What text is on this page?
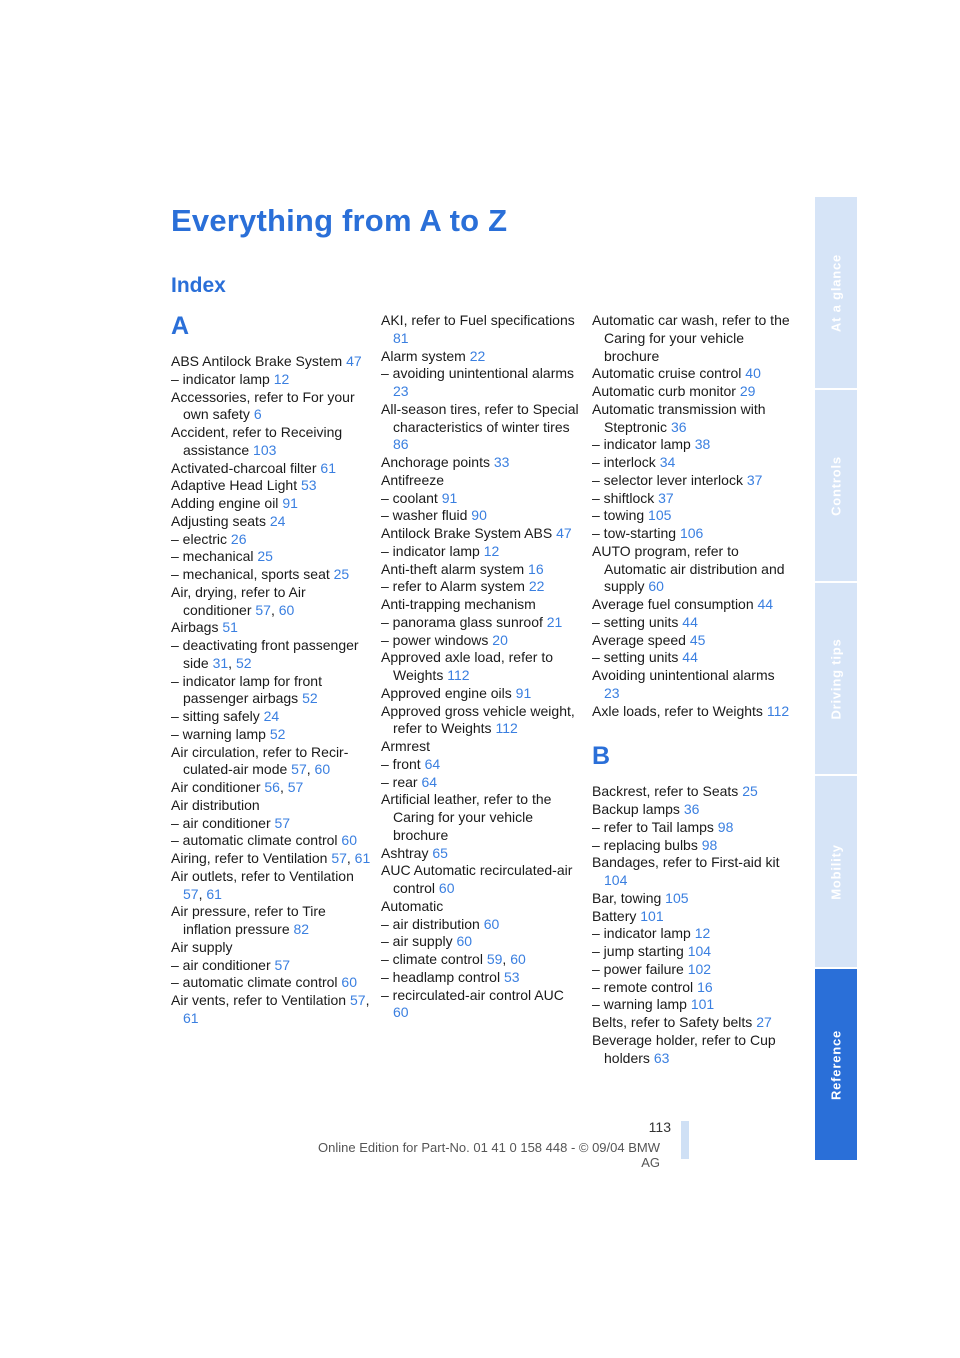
Everything from A to Z
Index
A
ABS Antilock Brake System 47
– indicator lamp 12
Accessories, refer to For your own safety 6
Accident, refer to Receiving assistance 103
Activated-charcoal filter 61
Adaptive Head Light 53
Adding engine oil 91
Adjusting seats 24
– electric 26
– mechanical 25
– mechanical, sports seat 25
Air, drying, refer to Air conditioner 57, 60
Airbags 51
– deactivating front passenger side 31, 52
– indicator lamp for front passenger airbags 52
– sitting safely 24
– warning lamp 52
Air circulation, refer to Recir-culated-air mode 57, 60
Air conditioner 56, 57
Air distribution
– air conditioner 57
– automatic climate control 60
Airing, refer to Ventilation 57, 61
Air outlets, refer to Ventilation 57, 61
Air pressure, refer to Tire inflation pressure 82
Air supply
– air conditioner 57
– automatic climate control 60
Air vents, refer to Ventilation 57, 61
AKI, refer to Fuel specifications 81
Alarm system 22
– avoiding unintentional alarms 23
All-season tires, refer to Special characteristics of winter tires 86
Anchorage points 33
Antifreeze
– coolant 91
– washer fluid 90
Antilock Brake System ABS 47
– indicator lamp 12
Anti-theft alarm system 16
– refer to Alarm system 22
Anti-trapping mechanism
– panorama glass sunroof 21
– power windows 20
Approved axle load, refer to Weights 112
Approved engine oils 91
Approved gross vehicle weight, refer to Weights 112
Armrest
– front 64
– rear 64
Artificial leather, refer to the Caring for your vehicle brochure
Ashtray 65
AUC Automatic recirculated-air control 60
Automatic
– air distribution 60
– air supply 60
– climate control 59, 60
– headlamp control 53
– recirculated-air control AUC 60
Automatic car wash, refer to the Caring for your vehicle brochure
Automatic cruise control 40
Automatic curb monitor 29
Automatic transmission with Steptronic 36
– indicator lamp 38
– interlock 34
– selector lever interlock 37
– shiftlock 37
– towing 105
– tow-starting 106
AUTO program, refer to Automatic air distribution and supply 60
Average fuel consumption 44
– setting units 44
Average speed 45
– setting units 44
Avoiding unintentional alarms 23
Axle loads, refer to Weights 112
B
Backrest, refer to Seats 25
Backup lamps 36
– refer to Tail lamps 98
– replacing bulbs 98
Bandages, refer to First-aid kit 104
Bar, towing 105
Battery 101
– indicator lamp 12
– jump starting 104
– power failure 102
– remote control 16
– warning lamp 101
Belts, refer to Safety belts 27
Beverage holder, refer to Cup holders 63
At a glance
Controls
Driving tips
Mobility
Reference
113
Online Edition for Part-No. 01 41 0 158 448 - © 09/04 BMW AG
